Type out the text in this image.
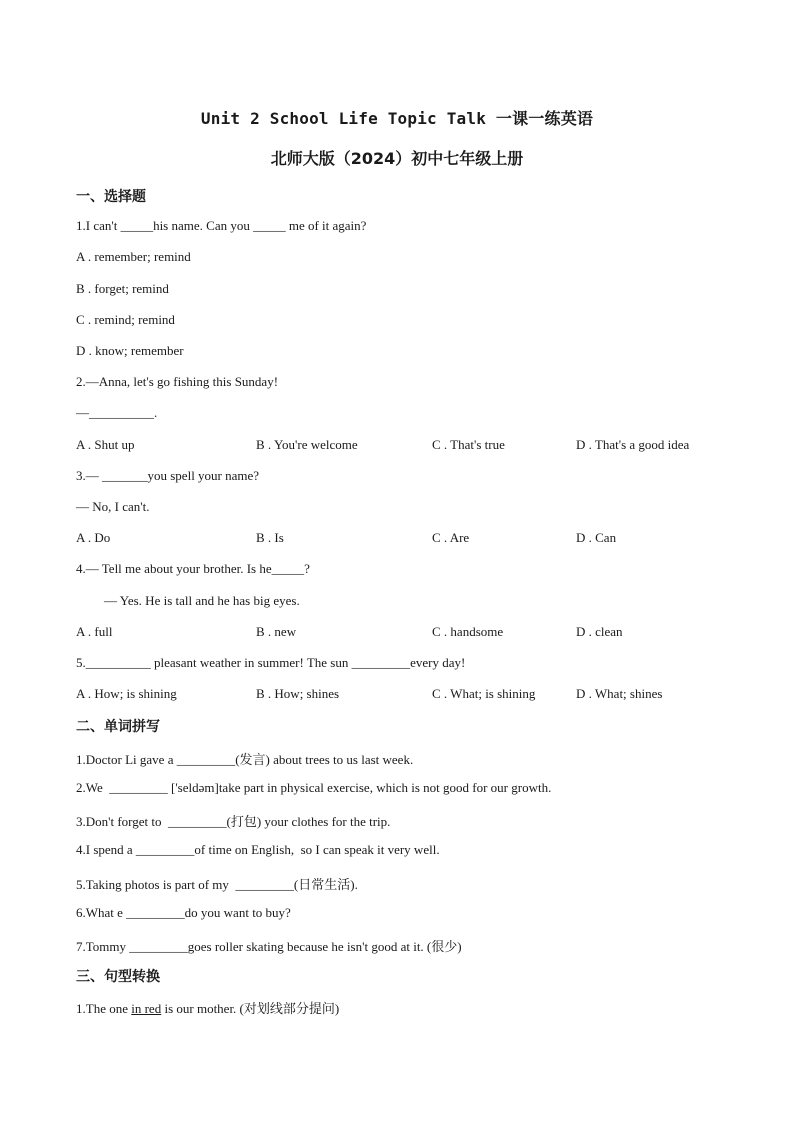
Unit 2 School Life Topic Talk 一课一练英语
北师大版（2024）初中七年级上册
一、选择题
1.I can't _____his name. Can you _____ me of it again?
A . remember; remind
B . forget; remind
C . remind; remind
D . know; remember
2.—Anna, let's go fishing this Sunday!
—__________.
A . Shut up	B . You're welcome	C . That's true	D . That's a good idea
3.— _______you spell your name?
— No, I can't.
A . Do	B . Is	C . Are	D . Can
4.— Tell me about your brother. Is he_____?
— Yes. He is tall and he has big eyes.
A . full	B . new	C . handsome	D . clean
5.__________ pleasant weather in summer! The sun _________every day!
A . How; is shining	B . How; shines	C . What; is shining	D . What; shines
二、单词拼写
1.Doctor Li gave a _________(发言) about trees to us last week.
2.We  _________ ['seldəm]take part in physical exercise, which is not good for our growth.
3.Don't forget to  _________(打包) your clothes for the trip.
4.I spend a _________of time on English,  so I can speak it very well.
5.Taking photos is part of my  _________(日常生活).
6.What e _________do you want to buy?
7.Tommy _________goes roller skating because he isn't good at it. (很少)
三、句型转换
1.The one in red is our mother. (对划线部分提问)
